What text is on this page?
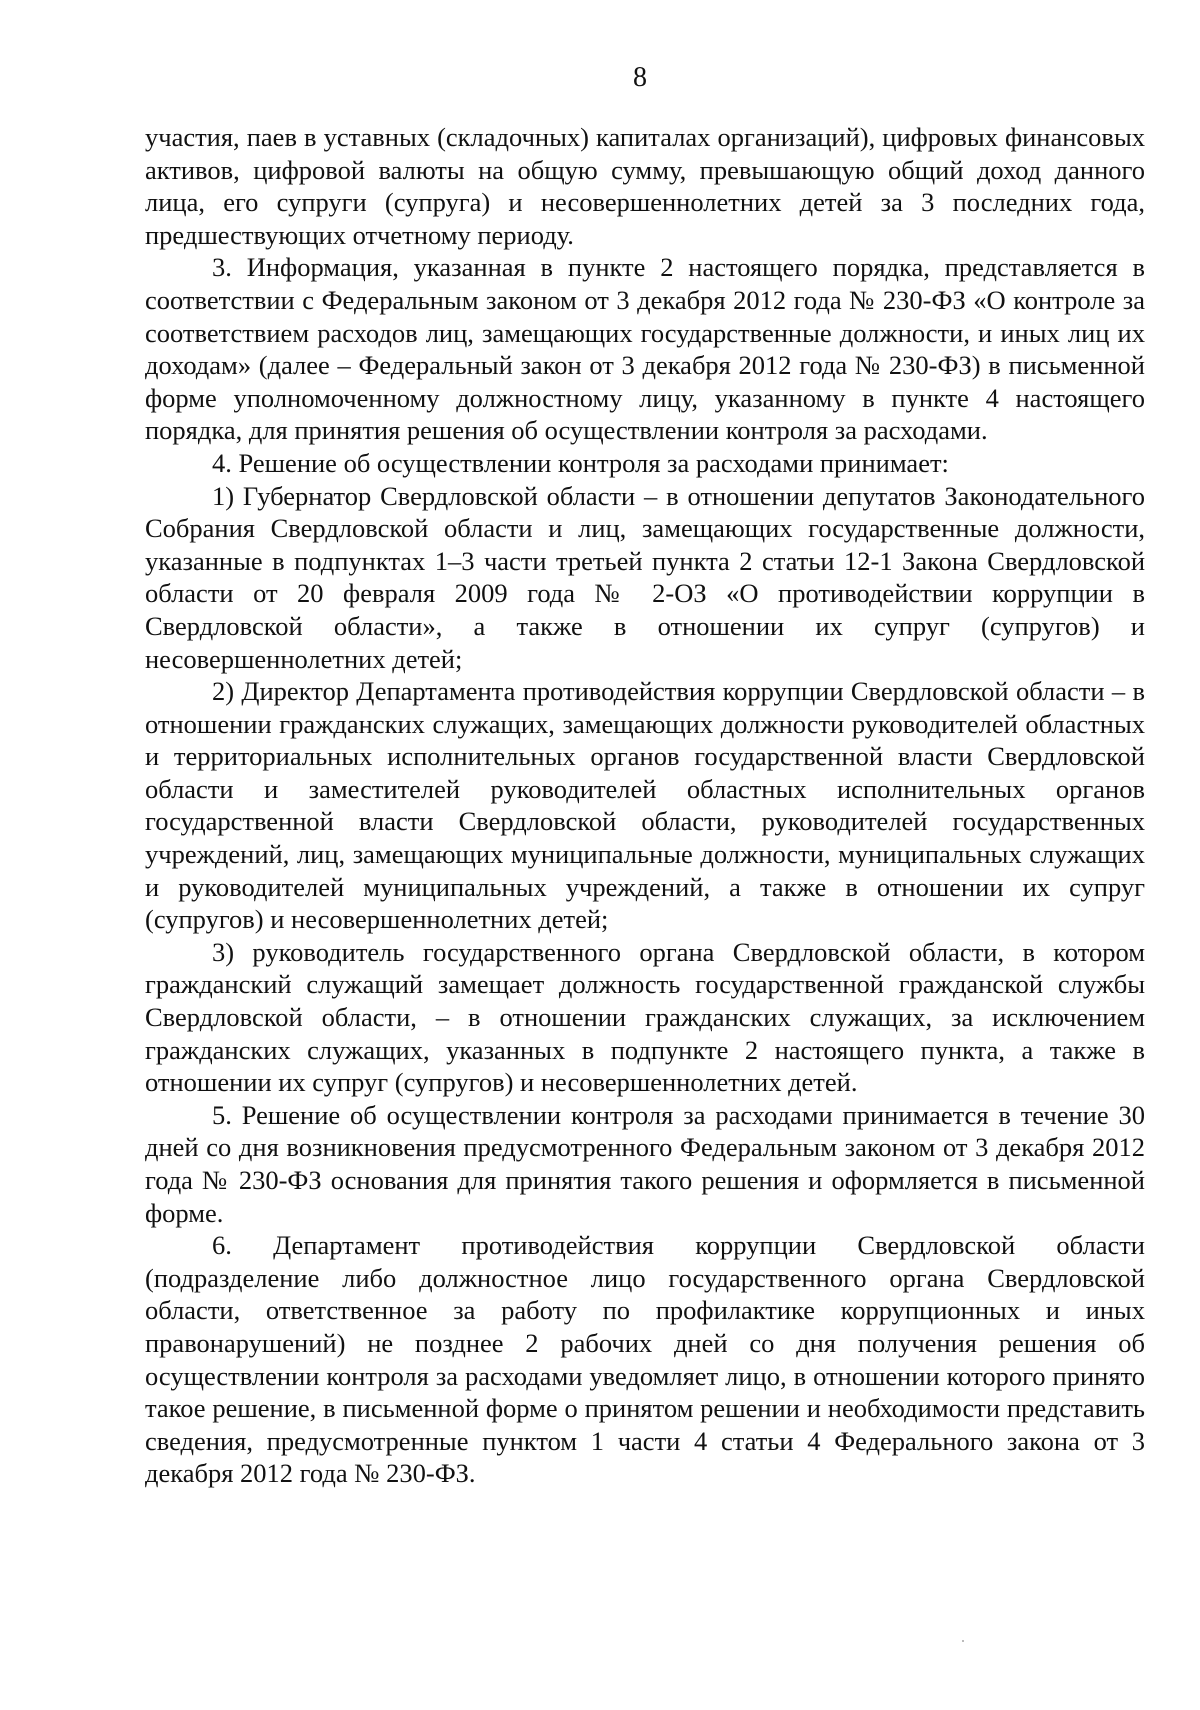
8

участия, паев в уставных (складочных) капиталах организаций), цифровых финансовых активов, цифровой валюты на общую сумму, превышающую общий доход данного лица, его супруги (супруга) и несовершеннолетних детей за 3 последних года, предшествующих отчетному периоду.

3. Информация, указанная в пункте 2 настоящего порядка, представляется в соответствии с Федеральным законом от 3 декабря 2012 года № 230-ФЗ «О контроле за соответствием расходов лиц, замещающих государственные должности, и иных лиц их доходам» (далее – Федеральный закон от 3 декабря 2012 года № 230-ФЗ) в письменной форме уполномоченному должностному лицу, указанному в пункте 4 настоящего порядка, для принятия решения об осуществлении контроля за расходами.

4. Решение об осуществлении контроля за расходами принимает:

1) Губернатор Свердловской области – в отношении депутатов Законодательного Собрания Свердловской области и лиц, замещающих государственные должности, указанные в подпунктах 1–3 части третьей пункта 2 статьи 12-1 Закона Свердловской области от 20 февраля 2009 года № 2-ОЗ «О противодействии коррупции в Свердловской области», а также в отношении их супруг (супругов) и несовершеннолетних детей;

2) Директор Департамента противодействия коррупции Свердловской области – в отношении гражданских служащих, замещающих должности руководителей областных и территориальных исполнительных органов государственной власти Свердловской области и заместителей руководителей областных исполнительных органов государственной власти Свердловской области, руководителей государственных учреждений, лиц, замещающих муниципальные должности, муниципальных служащих и руководителей муниципальных учреждений, а также в отношении их супруг (супругов) и несовершеннолетних детей;

3) руководитель государственного органа Свердловской области, в котором гражданский служащий замещает должность государственной гражданской службы Свердловской области, – в отношении гражданских служащих, за исключением гражданских служащих, указанных в подпункте 2 настоящего пункта, а также в отношении их супруг (супругов) и несовершеннолетних детей.

5. Решение об осуществлении контроля за расходами принимается в течение 30 дней со дня возникновения предусмотренного Федеральным законом от 3 декабря 2012 года № 230-ФЗ основания для принятия такого решения и оформляется в письменной форме.

6. Департамент противодействия коррупции Свердловской области (подразделение либо должностное лицо государственного органа Свердловской области, ответственное за работу по профилактике коррупционных и иных правонарушений) не позднее 2 рабочих дней со дня получения решения об осуществлении контроля за расходами уведомляет лицо, в отношении которого принято такое решение, в письменной форме о принятом решении и необходимости представить сведения, предусмотренные пунктом 1 части 4 статьи 4 Федерального закона от 3 декабря 2012 года № 230-ФЗ.
